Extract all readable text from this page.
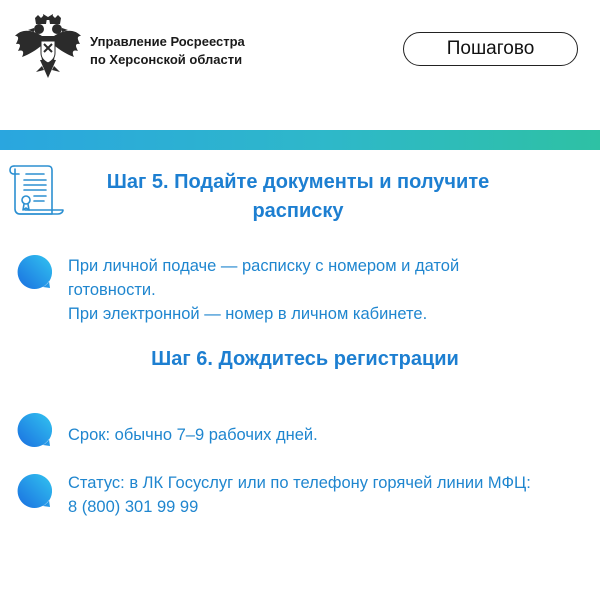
Управление Росреестра
по Херсонской области
Пошагово
Шаг 5. Подайте документы и получите
расписку
При личной подаче — расписку с номером и датой
готовности.
При электронной — номер в личном кабинете.
Шаг 6. Дождитесь регистрации
Срок: обычно 7–9 рабочих дней.
Статус: в ЛК Госуслуг или по телефону горячей линии МФЦ:
8 (800) 301 99 99
